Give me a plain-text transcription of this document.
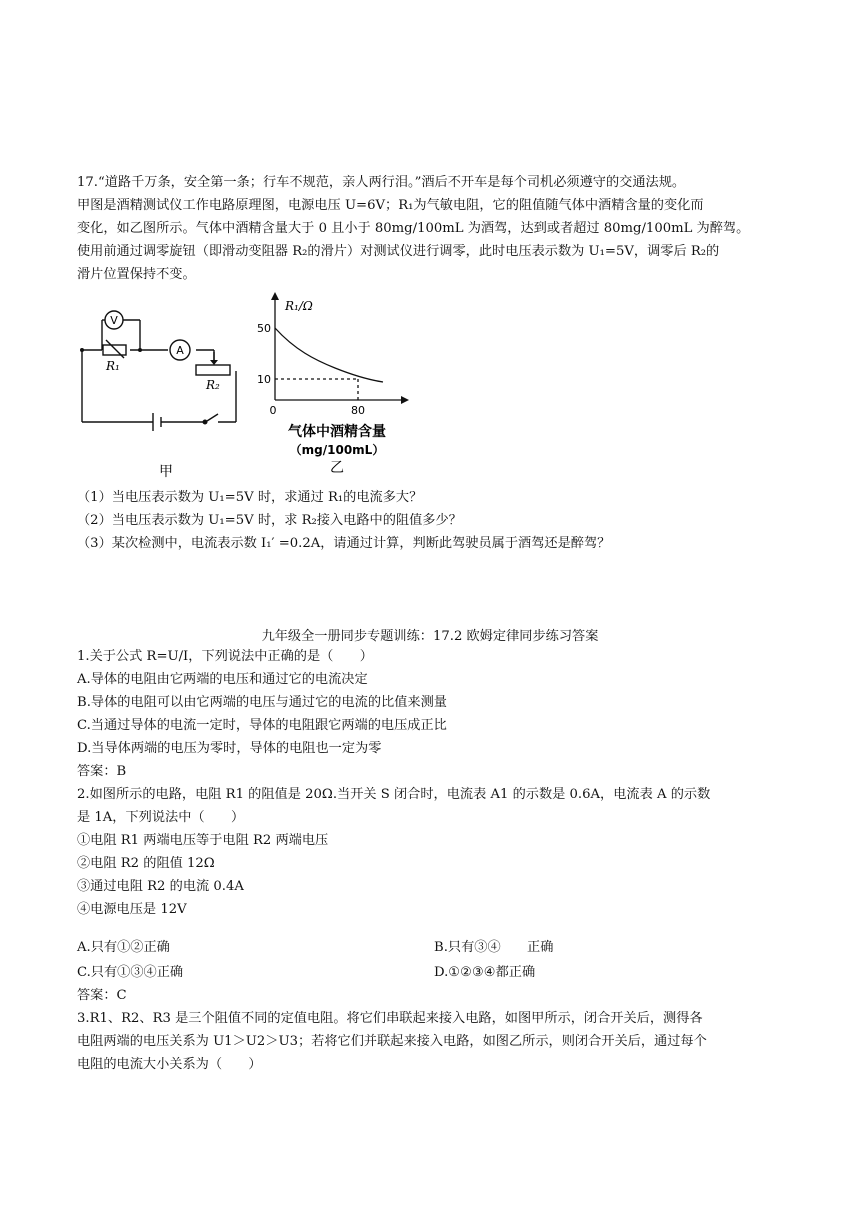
17.“道路千万条，安全第一条；行车不规范，亲人两行泪。”酒后不开车是每个司机必须遵守的交通法规。
甲图是酒精测试仪工作电路原理图，电源电压 U=6V；R₁为气敏电阻，它的阻值随气体中酒精含量的变化而
变化，如乙图所示。气体中酒精含量大于 0 且小于 80mg/100mL 为酒驾，达到或者超过 80mg/100mL 为醉驾。
使用前通过调零旋钮（即滑动变阻器 R₂的滑片）对测试仪进行调零，此时电压表示数为 U₁=5V，调零后 R₂的
滑片位置保持不变。
V
A
R₁
R₂
甲
R₁/Ω
50
10
0	80
气体中酒精含量
（mg/100mL）
乙
（1）当电压表示数为 U₁=5V 时，求通过 R₁的电流多大？
（2）当电压表示数为 U₁=5V 时，求 R₂接入电路中的阻值多少？
（3）某次检测中，电流表示数 I₁′ =0.2A，请通过计算，判断此驾驶员属于酒驾还是醉驾？
九年级全一册同步专题训练：17.2 欧姆定律同步练习答案
1.关于公式 R=U/I，下列说法中正确的是（　　）
A.导体的电阻由它两端的电压和通过它的电流决定
B.导体的电阻可以由它两端的电压与通过它的电流的比值来测量
C.当通过导体的电流一定时，导体的电阻跟它两端的电压成正比
D.当导体两端的电压为零时，导体的电阻也一定为零
答案：B
2.如图所示的电路，电阻 R1 的阻值是 20Ω.当开关 S 闭合时，电流表 A1 的示数是 0.6A，电流表 A 的示数
是 1A，下列说法中（　　）
①电阻 R1 两端电压等于电阻 R2 两端电压
②电阻 R2 的阻值 12Ω
③通过电阻 R2 的电流 0.4A
④电源电压是 12V
A.只有①②正确	B.只有③④　　正确
C.只有①③④正确	D.①②③④都正确
答案：C
3.R1、R2、R3 是三个阻值不同的定值电阻。将它们串联起来接入电路，如图甲所示，闭合开关后，测得各
电阻两端的电压关系为 U1＞U2＞U3；若将它们并联起来接入电路，如图乙所示，则闭合开关后，通过每个
电阻的电流大小关系为（　　）
